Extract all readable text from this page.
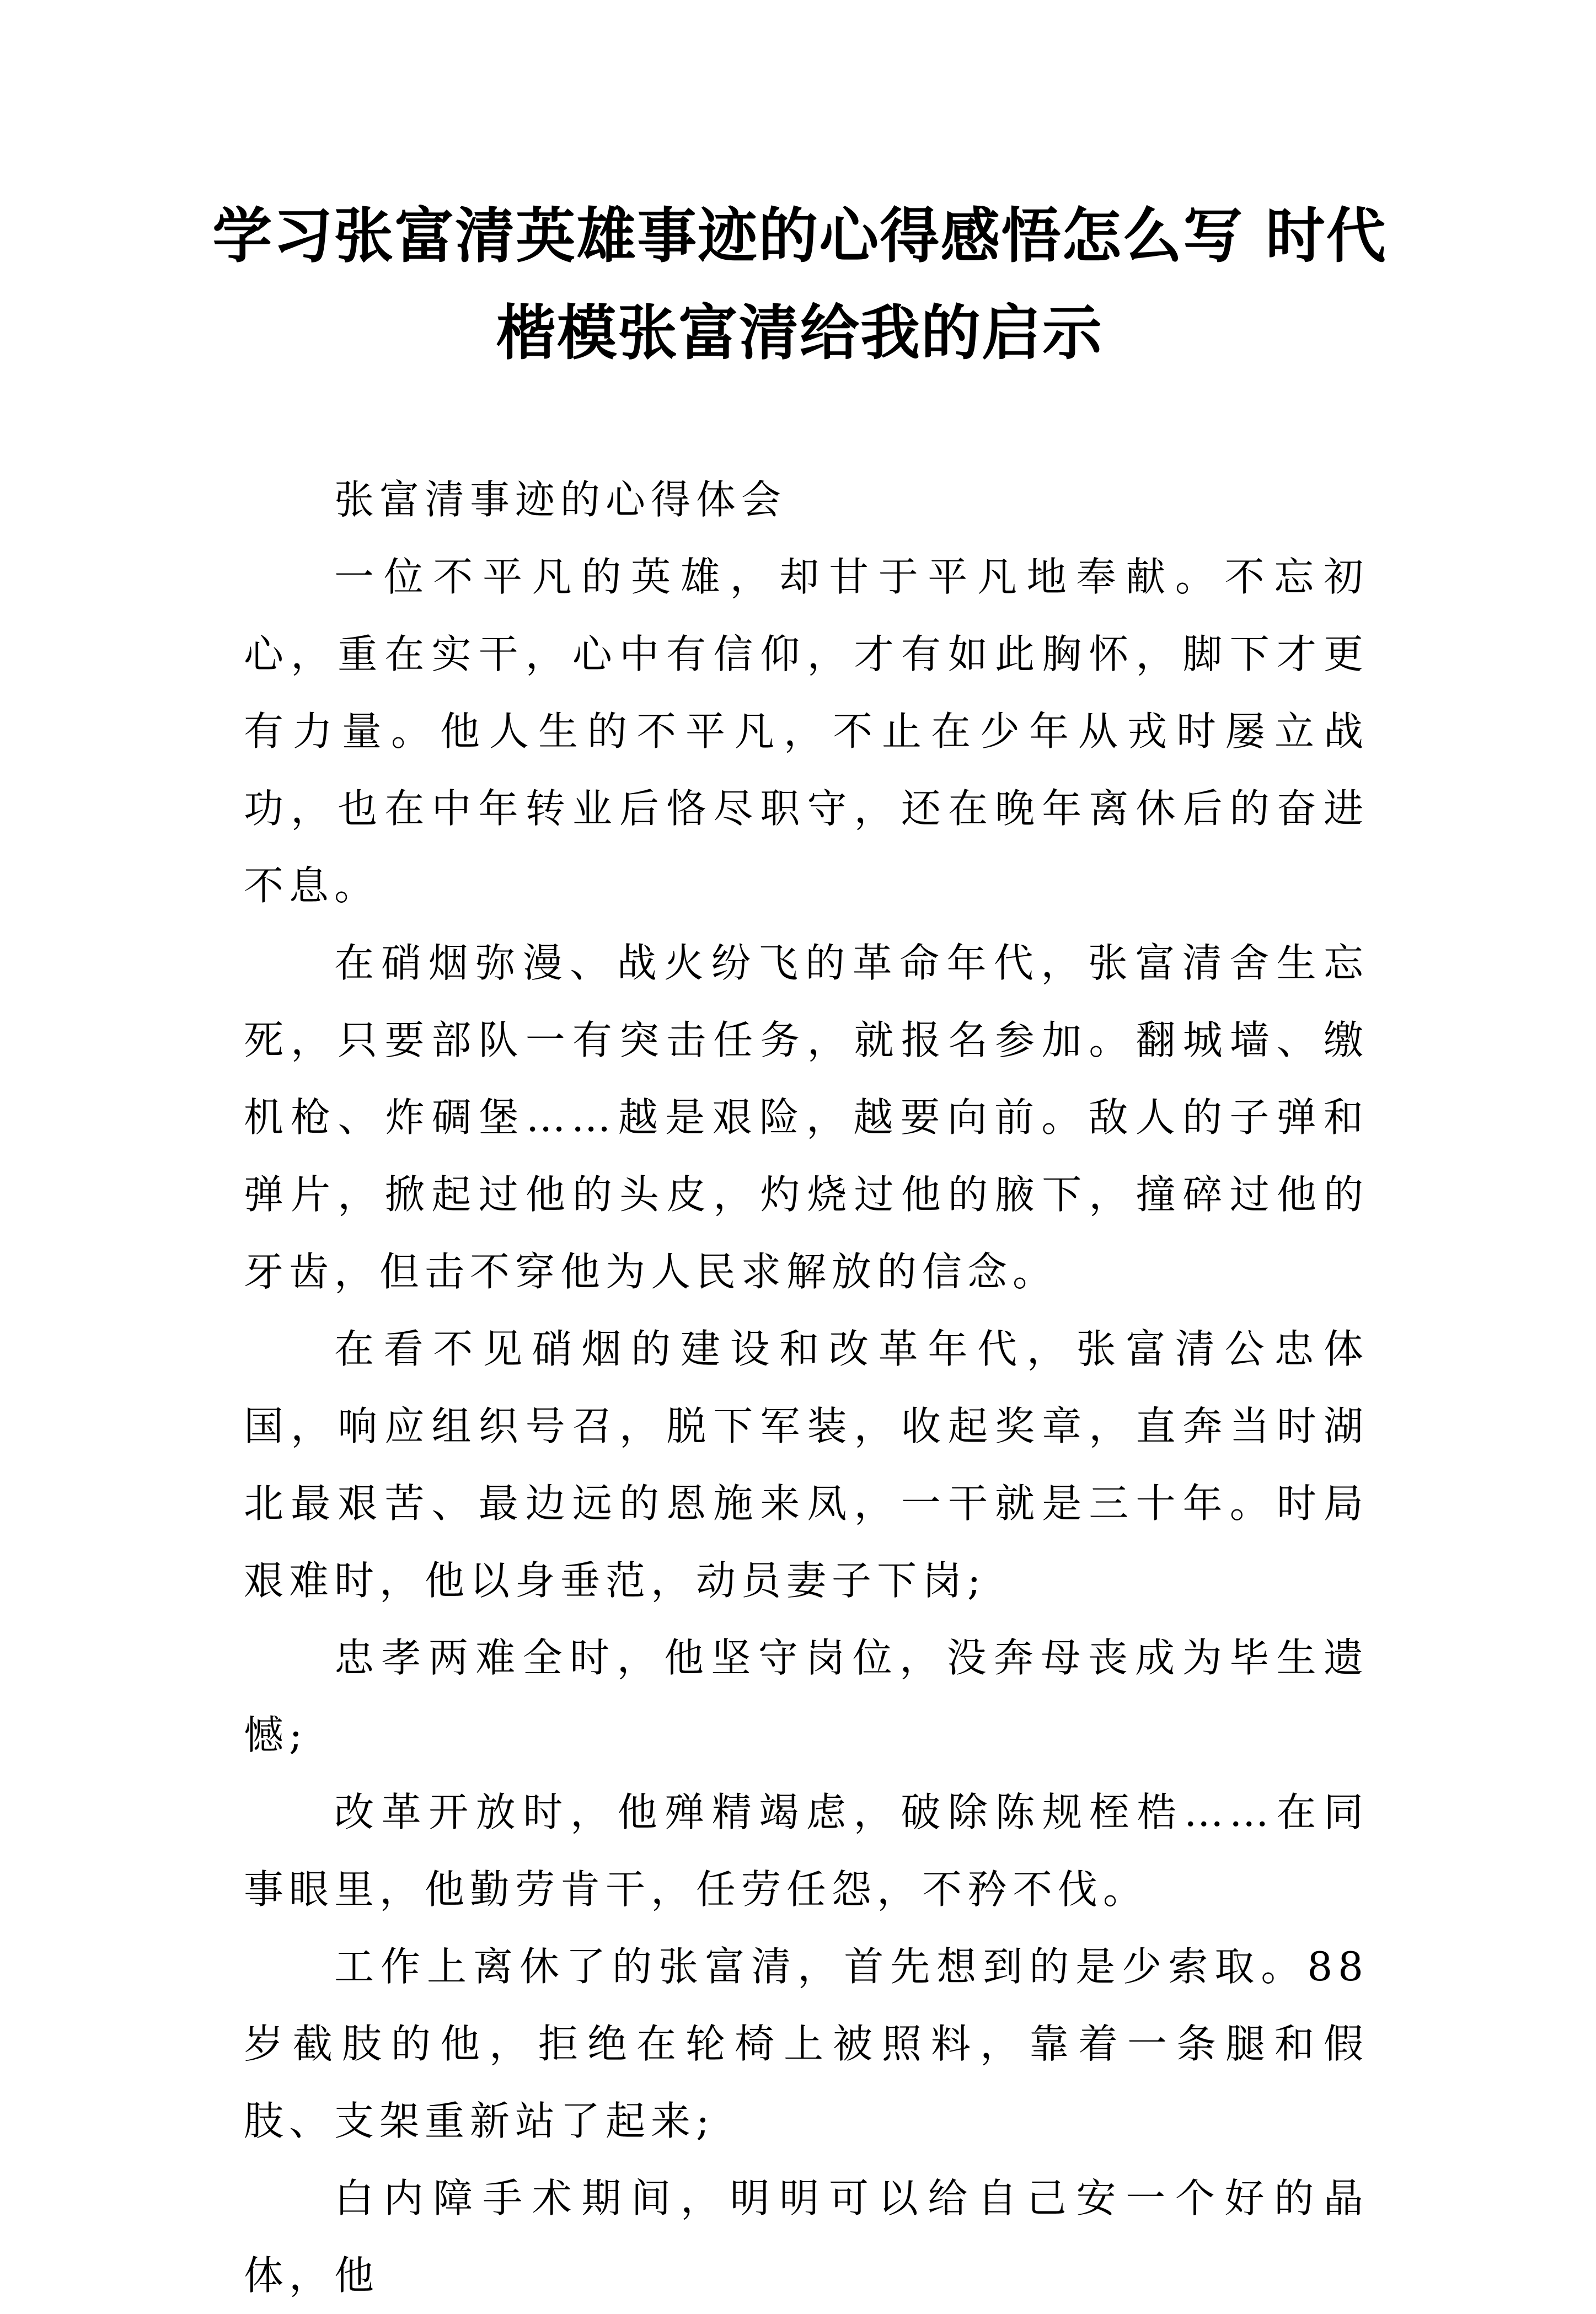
学习张富清英雄事迹的心得感悟怎么写 时代楷模张富清给我的启示

张富清事迹的心得体会

一位不平凡的英雄，却甘于平凡地奉献。不忘初心，重在实干，心中有信仰，才有如此胸怀，脚下才更有力量。他人生的不平凡，不止在少年从戎时屡立战功，也在中年转业后恪尽职守，还在晚年离休后的奋进不息。

在硝烟弥漫、战火纷飞的革命年代，张富清舍生忘死，只要部队一有突击任务，就报名参加。翻城墙、缴机枪、炸碉堡……越是艰险，越要向前。敌人的子弹和弹片，掀起过他的头皮，灼烧过他的腋下，撞碎过他的牙齿，但击不穿他为人民求解放的信念。

在看不见硝烟的建设和改革年代，张富清公忠体国，响应组织号召，脱下军装，收起奖章，直奔当时湖北最艰苦、最边远的恩施来凤，一干就是三十年。时局艰难时，他以身垂范，动员妻子下岗;

忠孝两难全时，他坚守岗位，没奔母丧成为毕生遗憾;

改革开放时，他殚精竭虑，破除陈规桎梏……在同事眼里，他勤劳肯干，任劳任怨，不矜不伐。

工作上离休了的张富清，首先想到的是少索取。88 岁截肢的他，拒绝在轮椅上被照料，靠着一条腿和假肢、支架重新站了起来;

白内障手术期间，明明可以给自己安一个好的晶体，他
